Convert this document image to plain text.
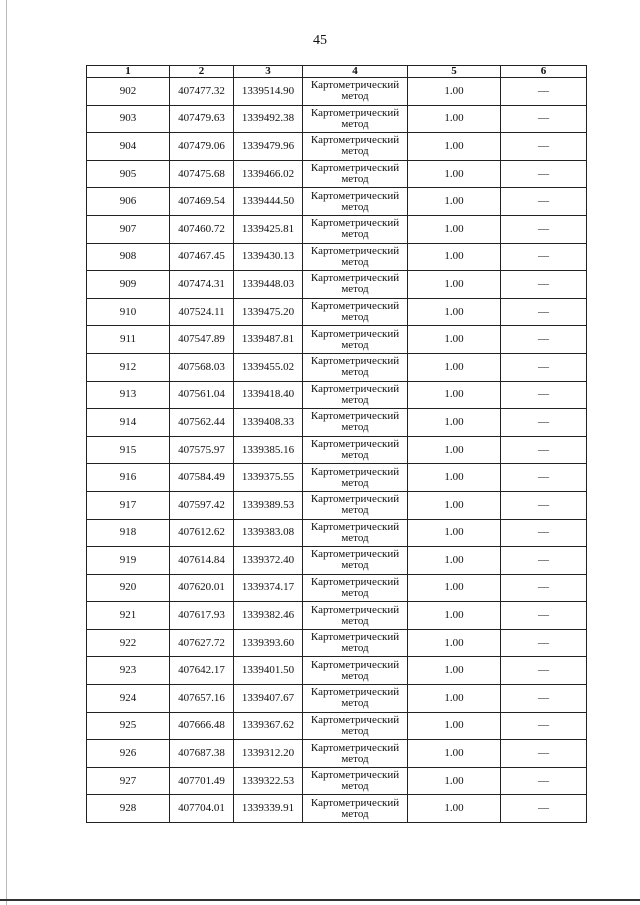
45
1	2	3	4	5	6
902	407477.32	1339514.90	Картометрический метод	1.00	—
903	407479.63	1339492.38	Картометрический метод	1.00	—
904	407479.06	1339479.96	Картометрический метод	1.00	—
905	407475.68	1339466.02	Картометрический метод	1.00	—
906	407469.54	1339444.50	Картометрический метод	1.00	—
907	407460.72	1339425.81	Картометрический метод	1.00	—
908	407467.45	1339430.13	Картометрический метод	1.00	—
909	407474.31	1339448.03	Картометрический метод	1.00	—
910	407524.11	1339475.20	Картометрический метод	1.00	—
911	407547.89	1339487.81	Картометрический метод	1.00	—
912	407568.03	1339455.02	Картометрический метод	1.00	—
913	407561.04	1339418.40	Картометрический метод	1.00	—
914	407562.44	1339408.33	Картометрический метод	1.00	—
915	407575.97	1339385.16	Картометрический метод	1.00	—
916	407584.49	1339375.55	Картометрический метод	1.00	—
917	407597.42	1339389.53	Картометрический метод	1.00	—
918	407612.62	1339383.08	Картометрический метод	1.00	—
919	407614.84	1339372.40	Картометрический метод	1.00	—
920	407620.01	1339374.17	Картометрический метод	1.00	—
921	407617.93	1339382.46	Картометрический метод	1.00	—
922	407627.72	1339393.60	Картометрический метод	1.00	—
923	407642.17	1339401.50	Картометрический метод	1.00	—
924	407657.16	1339407.67	Картометрический метод	1.00	—
925	407666.48	1339367.62	Картометрический метод	1.00	—
926	407687.38	1339312.20	Картометрический метод	1.00	—
927	407701.49	1339322.53	Картометрический метод	1.00	—
928	407704.01	1339339.91	Картометрический метод	1.00	—
